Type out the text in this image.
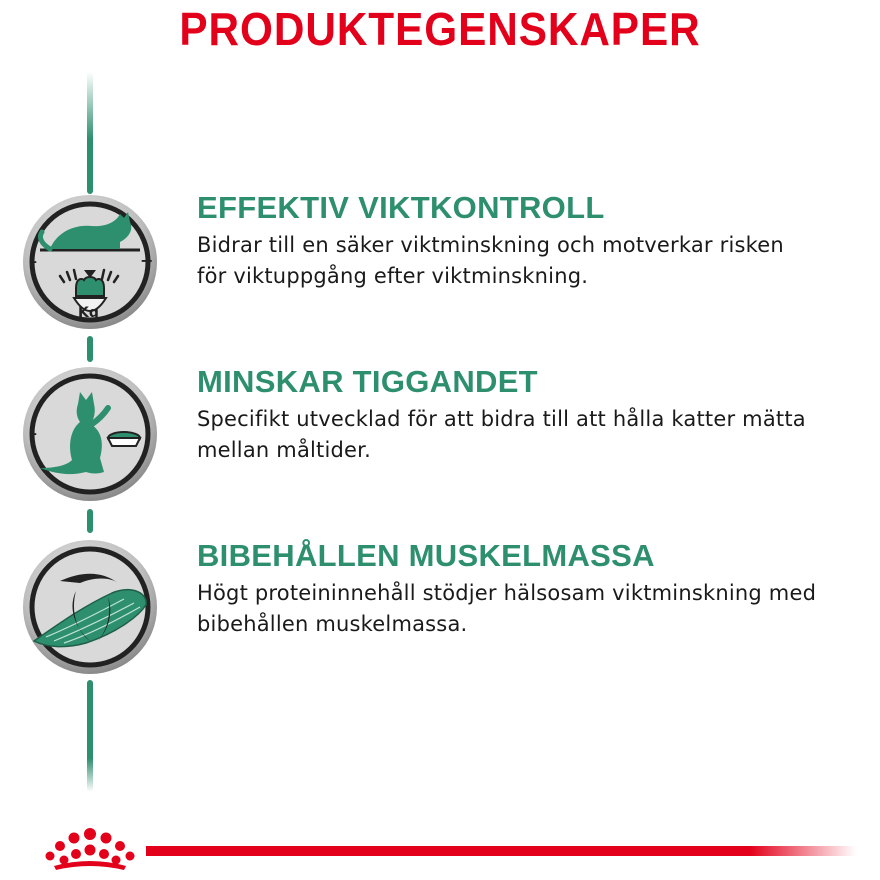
PRODUKTEGENSKAPER
–	+
Kg
–
EFFEKTIV VIKTKONTROLL
Bidrar till en säker viktminskning och motverkar risken
för viktuppgång efter viktminskning.
MINSKAR TIGGANDET
Specifikt utvecklad för att bidra till att hålla katter mätta
mellan måltider.
BIBEHÅLLEN MUSKELMASSA
Högt proteininnehåll stödjer hälsosam viktminskning med
bibehållen muskelmassa.
